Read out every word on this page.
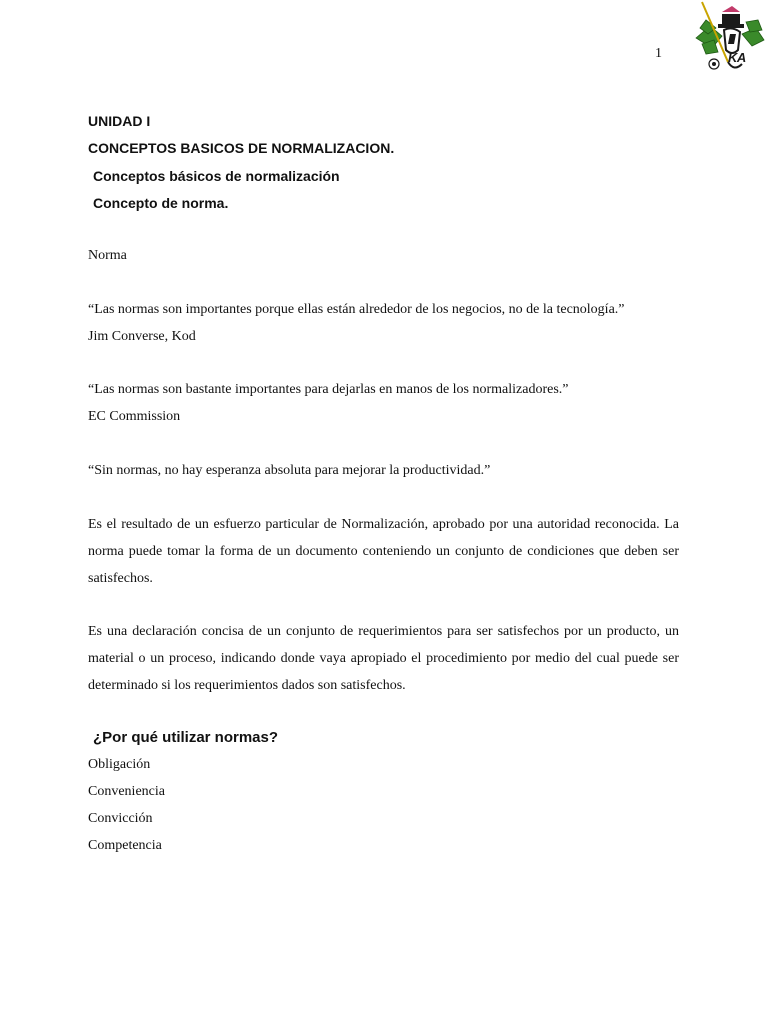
1	KA
UNIDAD I
CONCEPTOS BASICOS DE NORMALIZACION.
Conceptos básicos de normalización
Concepto de norma.
Norma
“Las normas son importantes porque ellas están alrededor de los negocios, no de la tecnología.”
Jim Converse, Kod
“Las normas son bastante importantes para dejarlas en manos de los normalizadores.”
EC Commission
“Sin normas, no hay esperanza absoluta para mejorar la productividad.”
Es el resultado de un esfuerzo particular de Normalización, aprobado por una autoridad reconocida. La norma puede tomar la forma de un documento conteniendo un conjunto de condiciones que deben ser satisfechos.
Es una declaración concisa de un conjunto de requerimientos para ser satisfechos por un producto, un material o un proceso, indicando donde vaya apropiado el procedimiento por medio del cual puede ser determinado si los requerimientos dados son satisfechos.
¿Por qué utilizar normas?
Obligación
Conveniencia
Convicción
Competencia
